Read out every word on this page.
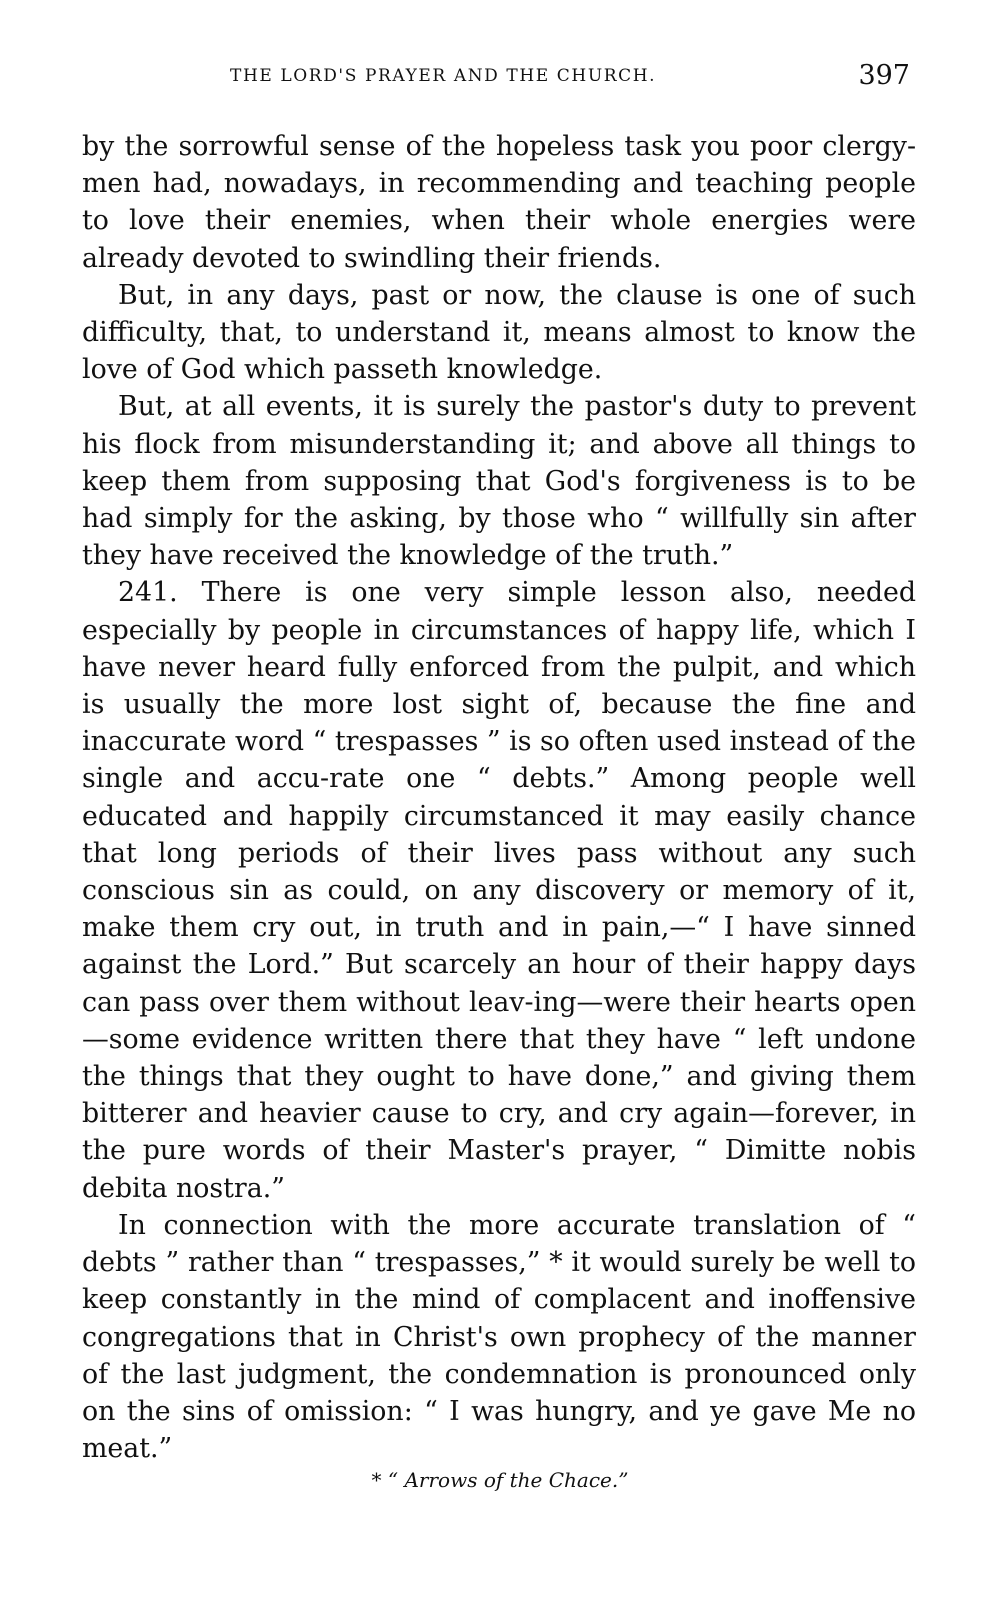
THE LORD'S PRAYER AND THE CHURCH.	397

by the sorrowful sense of the hopeless task you poor clergy-men had, nowadays, in recommending and teaching people to love their enemies, when their whole energies were already devoted to swindling their friends.

But, in any days, past or now, the clause is one of such difficulty, that, to understand it, means almost to know the love of God which passeth knowledge.

But, at all events, it is surely the pastor's duty to prevent his flock from misunderstanding it; and above all things to keep them from supposing that God's forgiveness is to be had simply for the asking, by those who “ willfully sin after they have received the knowledge of the truth.”

241. There is one very simple lesson also, needed especially by people in circumstances of happy life, which I have never heard fully enforced from the pulpit, and which is usually the more lost sight of, because the fine and inaccurate word “ trespasses ” is so often used instead of the single and accu-rate one “ debts.” Among people well educated and happily circumstanced it may easily chance that long periods of their lives pass without any such conscious sin as could, on any discovery or memory of it, make them cry out, in truth and in pain,—“ I have sinned against the Lord.” But scarcely an hour of their happy days can pass over them without leav-ing—were their hearts open—some evidence written there that they have “ left undone the things that they ought to have done,” and giving them bitterer and heavier cause to cry, and cry again—forever, in the pure words of their Master's prayer, “ Dimitte nobis debita nostra.”

In connection with the more accurate translation of “ debts ” rather than “ trespasses,” * it would surely be well to keep constantly in the mind of complacent and inoffensive congregations that in Christ's own prophecy of the manner of the last judgment, the condemnation is pronounced only on the sins of omission: “ I was hungry, and ye gave Me no meat.”

* “ Arrows of the Chace.”
